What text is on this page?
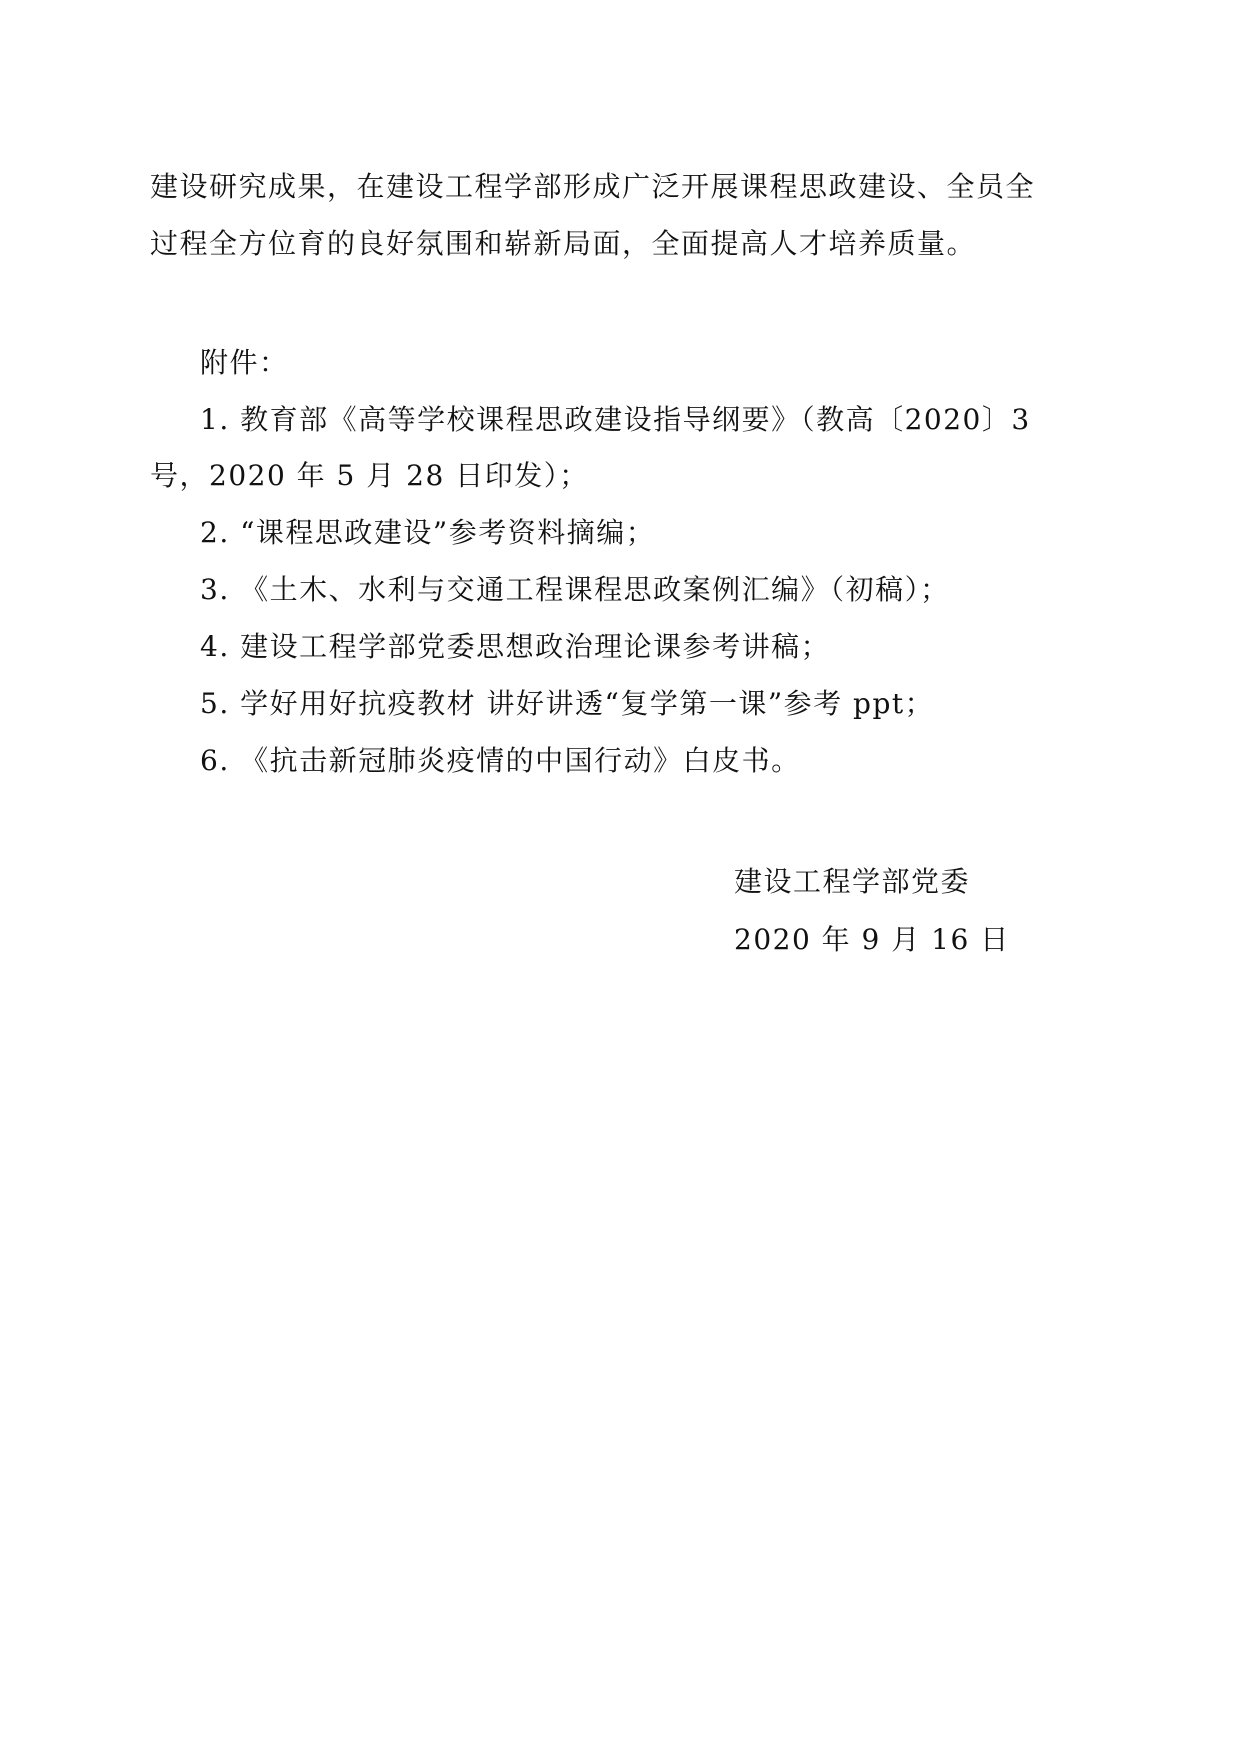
建设研究成果，在建设工程学部形成广泛开展课程思政建设、全员全
过程全方位育的良好氛围和崭新局面，全面提高人才培养质量。
附件：
1. 教育部《高等学校课程思政建设指导纲要》（教高〔2020〕3
号，2020 年 5 月 28 日印发）；
2. “课程思政建设”参考资料摘编；
3. 《土木、水利与交通工程课程思政案例汇编》（初稿）；
4. 建设工程学部党委思想政治理论课参考讲稿；
5. 学好用好抗疫教材 讲好讲透“复学第一课”参考 ppt；
6. 《抗击新冠肺炎疫情的中国行动》白皮书。
建设工程学部党委
2020 年 9 月 16 日
